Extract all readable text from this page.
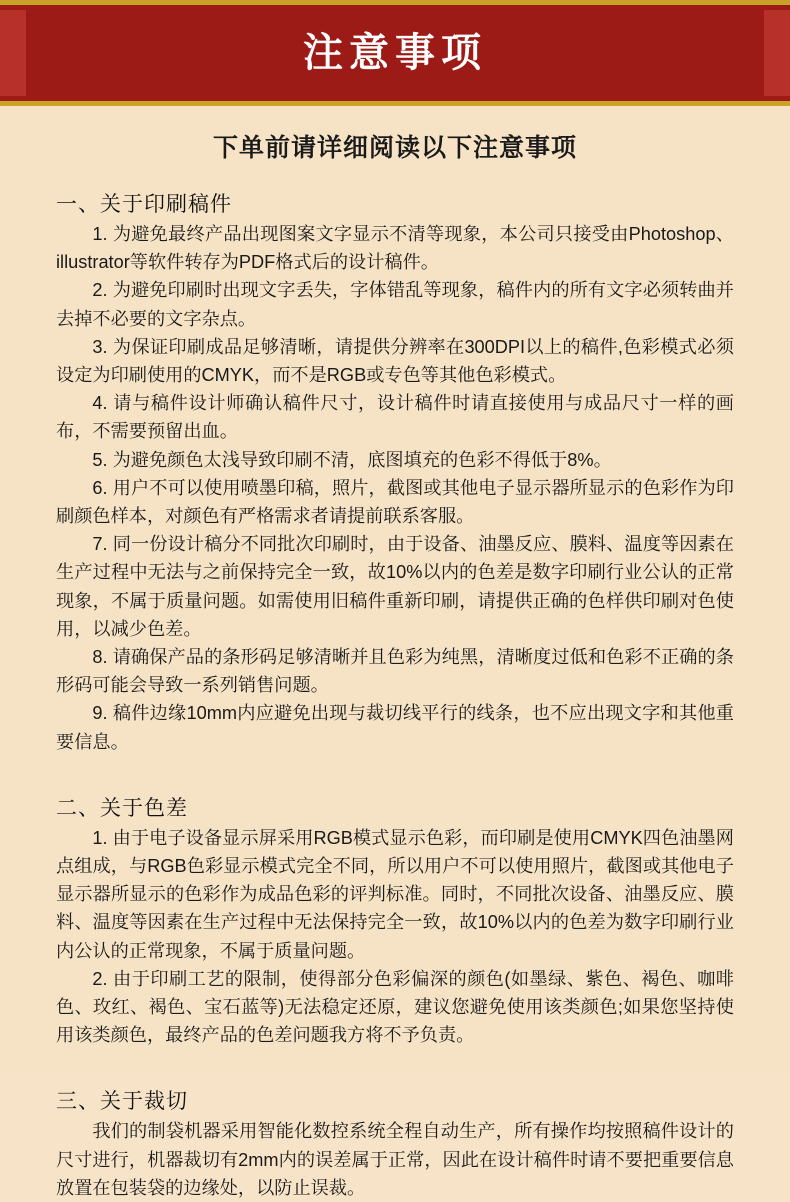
注意事项
下单前请详细阅读以下注意事项
一、关于印刷稿件

1. 为避免最终产品出现图案文字显示不清等现象，本公司只接受由Photoshop、 illustrator等软件转存为PDF格式后的设计稿件。

2. 为避免印刷时出现文字丢失，字体错乱等现象，稿件内的所有文字必须转曲并去掉不必要的文字杂点。

3. 为保证印刷成品足够清晰，请提供分辨率在300DPI以上的稿件,色彩模式必须设定为印刷使用的CMYK，而不是RGB或专色等其他色彩模式。

4. 请与稿件设计师确认稿件尺寸，设计稿件时请直接使用与成品尺寸一样的画布，不需要预留出血。

5. 为避免颜色太浅导致印刷不清，底图填充的色彩不得低于8%。

6. 用户不可以使用喷墨印稿，照片，截图或其他电子显示器所显示的色彩作为印刷颜色样本，对颜色有严格需求者请提前联系客服。

7. 同一份设计稿分不同批次印刷时，由于设备、油墨反应、膜料、温度等因素在生产过程中无法与之前保持完全一致，故10%以内的色差是数字印刷行业公认的正常现象，不属于质量问题。如需使用旧稿件重新印刷，请提供正确的色样供印刷对色使用，以减少色差。

8. 请确保产品的条形码足够清晰并且色彩为纯黑，清晰度过低和色彩不正确的条形码可能会导致一系列销售问题。

9. 稿件边缘10mm内应避免出现与裁切线平行的线条，也不应出现文字和其他重要信息。

二、关于色差

1. 由于电子设备显示屏采用RGB模式显示色彩，而印刷是使用CMYK四色油墨网点组成，与RGB色彩显示模式完全不同，所以用户不可以使用照片，截图或其他电子显示器所显示的色彩作为成品色彩的评判标准。同时，不同批次设备、油墨反应、膜料、温度等因素在生产过程中无法保持完全一致，故10%以内的色差为数字印刷行业内公认的正常现象，不属于质量问题。

2. 由于印刷工艺的限制，使得部分色彩偏深的颜色(如墨绿、紫色、褐色、咖啡色、玫红、褐色、宝石蓝等)无法稳定还原，建议您避免使用该类颜色;如果您坚持使用该类颜色，最终产品的色差问题我方将不予负责。

三、关于裁切

我们的制袋机器采用智能化数控系统全程自动生产，所有操作均按照稿件设计的尺寸进行，机器裁切有2mm内的误差属于正常，因此在设计稿件时请不要把重要信息放置在包装袋的边缘处，以防止误裁。
